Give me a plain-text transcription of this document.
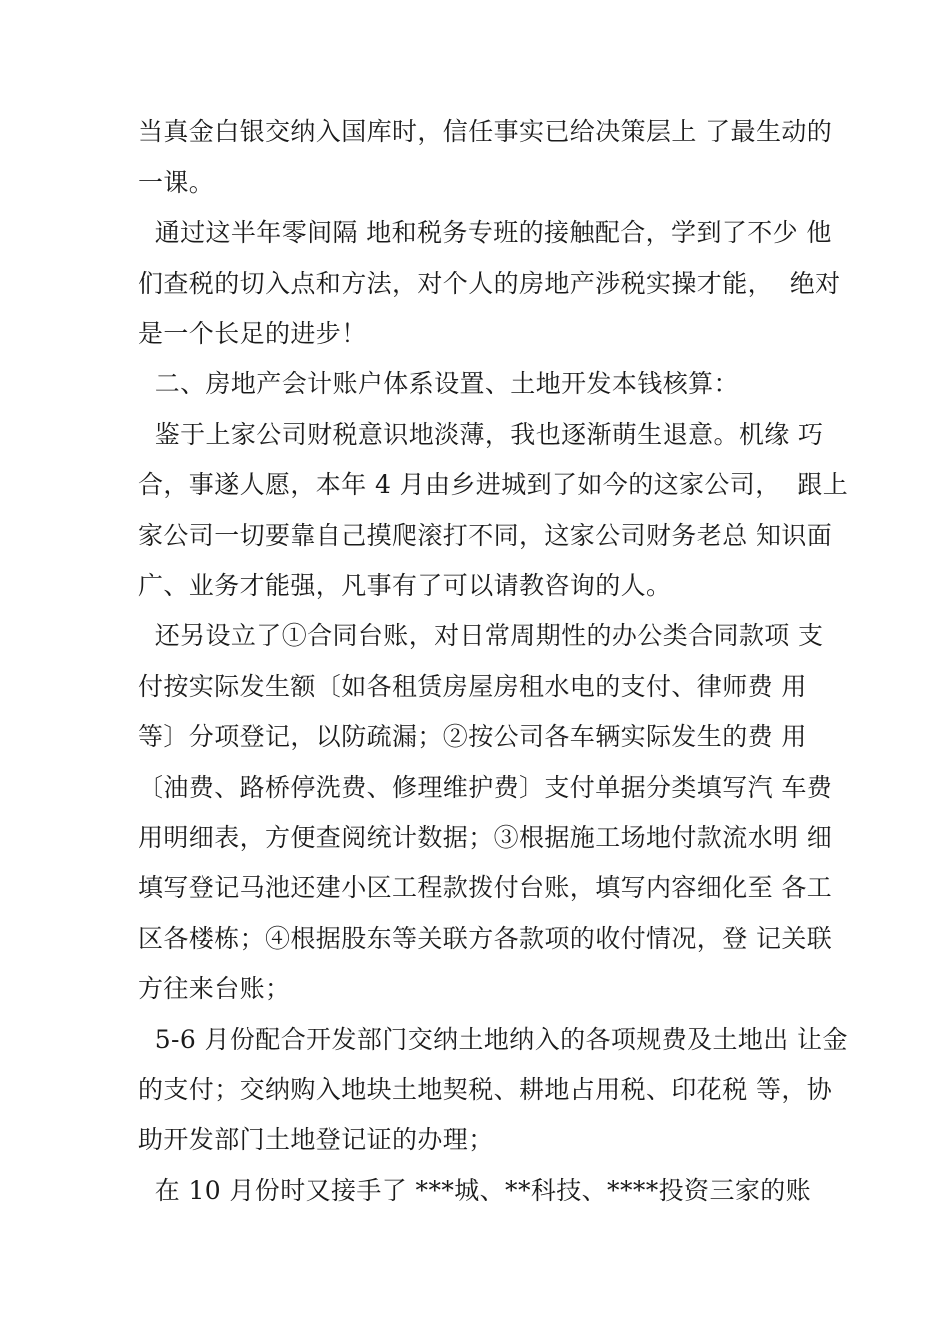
当真金白银交纳入国库时，信任事实已给决策层上 了最生动的
一课。
通过这半年零间隔 地和税务专班的接触配合，学到了不少 他
们查税的切入点和方法，对个人的房地产涉税实操才能，  绝对
是一个长足的进步！
二、房地产会计账户体系设置、土地开发本钱核算：
鉴于上家公司财税意识地淡薄，我也逐渐萌生退意。机缘 巧
合，事遂人愿，本年 4 月由乡进城到了如今的这家公司，  跟上
家公司一切要靠自己摸爬滚打不同，这家公司财务老总 知识面
广、业务才能强，凡事有了可以请教咨询的人。
还另设立了①合同台账，对日常周期性的办公类合同款项 支
付按实际发生额〔如各租赁房屋房租水电的支付、律师费 用
等〕分项登记，以防疏漏；②按公司各车辆实际发生的费 用
〔油费、路桥停洗费、修理维护费〕支付单据分类填写汽 车费
用明细表，方便查阅统计数据；③根据施工场地付款流水明 细
填写登记马池还建小区工程款拨付台账，填写内容细化至 各工
区各楼栋；④根据股东等关联方各款项的收付情况，登 记关联
方往来台账；
5-6 月份配合开发部门交纳土地纳入的各项规费及土地出 让金
的支付；交纳购入地块土地契税、耕地占用税、印花税 等，协
助开发部门土地登记证的办理；
在 10 月份时又接手了 ***城、**科技、****投资三家的账
